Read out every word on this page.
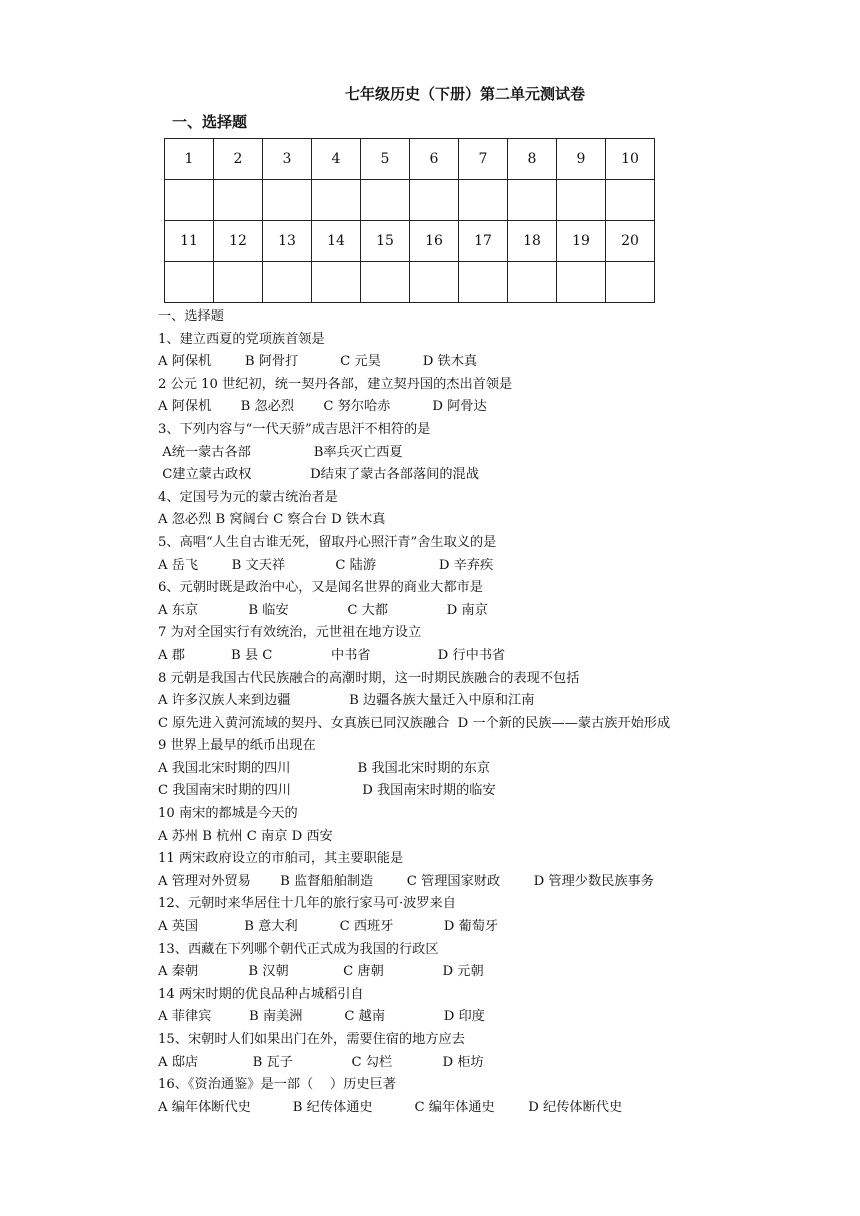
七年级历史（下册）第二单元测试卷
一、选择题
1	2	3	4	5	6	7	8	9	10

11	12	13	14	15	16	17	18	19	20

一、选择题
1、建立西夏的党项族首领是
A 阿保机        B 阿骨打          C 元昊          D 铁木真
2 公元 10 世纪初，统一契丹各部，建立契丹国的杰出首领是
A 阿保机       B 忽必烈       C 努尔哈赤          D 阿骨达
3、下列内容与“一代天骄”成吉思汗不相符的是
A统一蒙古各部               B率兵灭亡西夏
C建立蒙古政权              D结束了蒙古各部落间的混战
4、定国号为元的蒙古统治者是
A 忽必烈 B 窝阔台 C 察合台 D 铁木真
5、高唱“人生自古谁无死，留取丹心照汗青”舍生取义的是
A 岳飞        B 文天祥            C 陆游               D 辛弃疾
6、元朝时既是政治中心，又是闻名世界的商业大都市是
A 东京            B 临安              C 大都              D 南京
7 为对全国实行有效统治，元世祖在地方设立
A 郡           B 县 C              中书省                D 行中书省
8 元朝是我国古代民族融合的高潮时期，这一时期民族融合的表现不包括
A 许多汉族人来到边疆              B 边疆各族大量迁入中原和江南
C 原先进入黄河流域的契丹、女真族已同汉族融合  D 一个新的民族——蒙古族开始形成
9 世界上最早的纸币出现在
A 我国北宋时期的四川                B 我国北宋时期的东京
C 我国南宋时期的四川                 D 我国南宋时期的临安
10 南宋的都城是今天的
A 苏州 B 杭州 C 南京 D 西安
11 两宋政府设立的市舶司，其主要职能是
A 管理对外贸易       B 监督船舶制造        C 管理国家财政        D 管理少数民族事务
12、元朝时来华居住十几年的旅行家马可·波罗来自
A 英国           B 意大利          C 西班牙            D 葡萄牙
13、西藏在下列哪个朝代正式成为我国的行政区
A 秦朝            B 汉朝             C 唐朝              D 元朝
14 两宋时期的优良品种占城稻引自
A 菲律宾         B 南美洲          C 越南              D 印度
15、宋朝时人们如果出门在外，需要住宿的地方应去
A 邸店             B 瓦子              C 勾栏            D 柜坊
16、《资治通鉴》是一部（    ）历史巨著
A 编年体断代史          B 纪传体通史          C 编年体通史        D 纪传体断代史
